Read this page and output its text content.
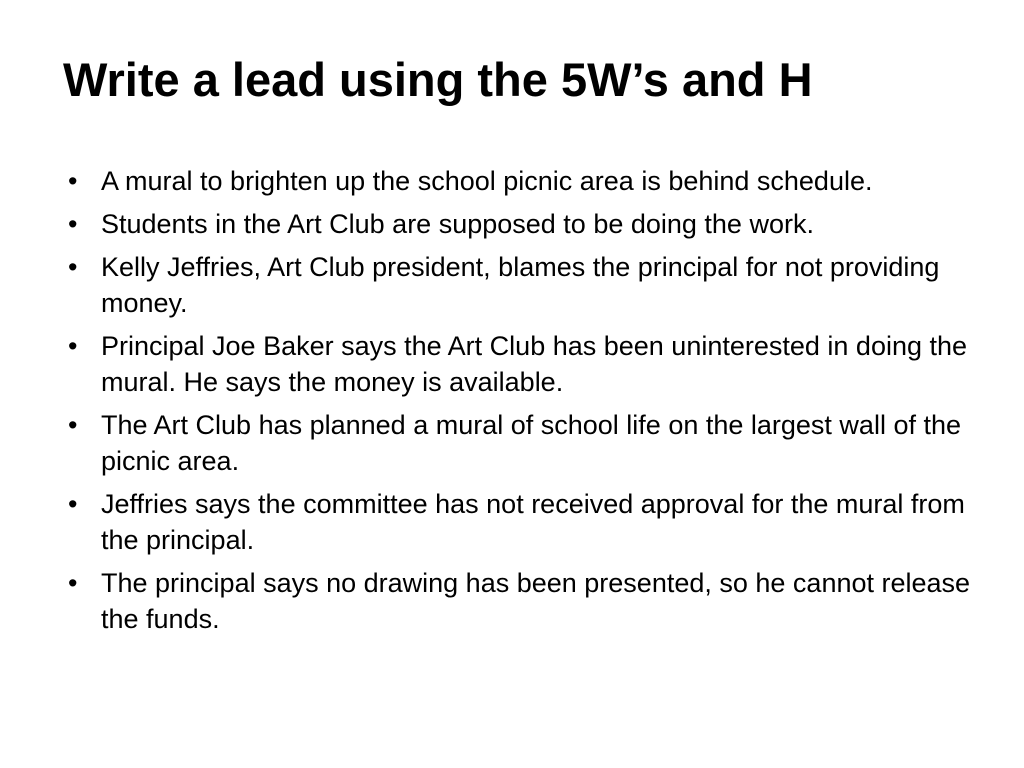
Write a lead using the 5W’s and H
• A mural to brighten up the school picnic area is behind schedule.
• Students in the Art Club are supposed to be doing the work.
• Kelly Jeffries, Art Club president, blames the principal for not providing money.
• Principal Joe Baker says the Art Club has been uninterested in doing the mural. He says the money is available.
• The Art Club has planned a mural of school life on the largest wall of the picnic area.
• Jeffries says the committee has not received approval for the mural from the principal.
• The principal says no drawing has been presented, so he cannot release the funds.
